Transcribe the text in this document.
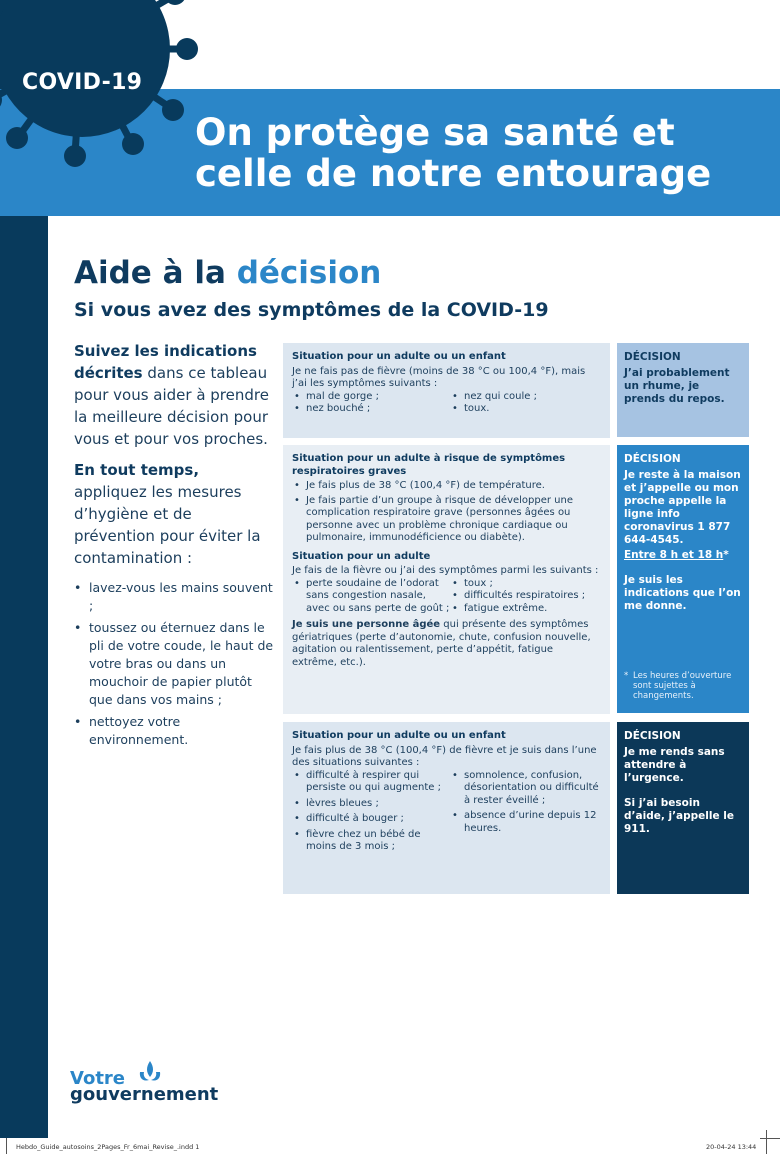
COVID-19
On protège sa santé et
celle de notre entourage
Aide à la décision
Si vous avez des symptômes de la COVID-19

Suivez les indications décrites dans ce tableau pour vous aider à prendre la meilleure décision pour vous et pour vos proches.

En tout temps, appliquez les mesures d’hygiène et de prévention pour éviter la contamination :

• lavez-vous les mains souvent ;
• toussez ou éternuez dans le pli de votre coude, le haut de votre bras ou dans un mouchoir de papier plutôt que dans vos mains ;
• nettoyez votre environnement.
Situation pour un adulte ou un enfant

Je ne fais pas de fièvre (moins de 38 °C ou 100,4 °F), mais j’ai les symptômes suivants :

• mal de gorge ;
• nez bouché ;
• nez qui coule ;
• toux.
Situation pour un adulte à risque de symptômes respiratoires graves
• Je fais plus de 38 °C (100,4 °F) de température.
• Je fais partie d’un groupe à risque de développer une complication respiratoire grave (personnes âgées ou personne avec un problème chronique cardiaque ou pulmonaire, immunodéficience ou diabète).
Situation pour un adulte

Je fais de la fièvre ou j’ai des symptômes parmi les suivants :

• perte soudaine de l’odorat sans congestion nasale, avec ou sans perte de goût ;
• toux ;
• difficultés respiratoires ;
• fatigue extrême.

Je suis une personne âgée qui présente des symptômes gériatriques (perte d’autonomie, chute, confusion nouvelle, agitation ou ralentissement, perte d’appétit, fatigue extrême, etc.).

Situation pour un adulte ou un enfant

Je fais plus de 38 °C (100,4 °F) de fièvre et je suis dans l’une des situations suivantes :

• difficulté à respirer qui persiste ou qui augmente ;
• lèvres bleues ;
• difficulté à bouger ;
• fièvre chez un bébé de moins de 3 mois ;
• somnolence, confusion, désorientation ou difficulté à rester éveillé ;
• absence d’urine depuis 12 heures.
DÉCISION
J’ai probablement un rhume, je prends du repos.
DÉCISION
Je reste à la maison et j’appelle ou mon proche appelle la ligne info coronavirus 1 877 644-4545.
Entre 8 h et 18 h*
Je suis les indications que l’on me donne.
* Les heures d’ouverture sont sujettes à changements.
DÉCISION
Je me rends sans attendre à l’urgence.
Si j’ai besoin d’aide, j’appelle le 911.
Votre
gouvernement
Hebdo_Guide_autosoins_2Pages_Fr_6mai_Revise_.indd 1	20-04-24 13:44
